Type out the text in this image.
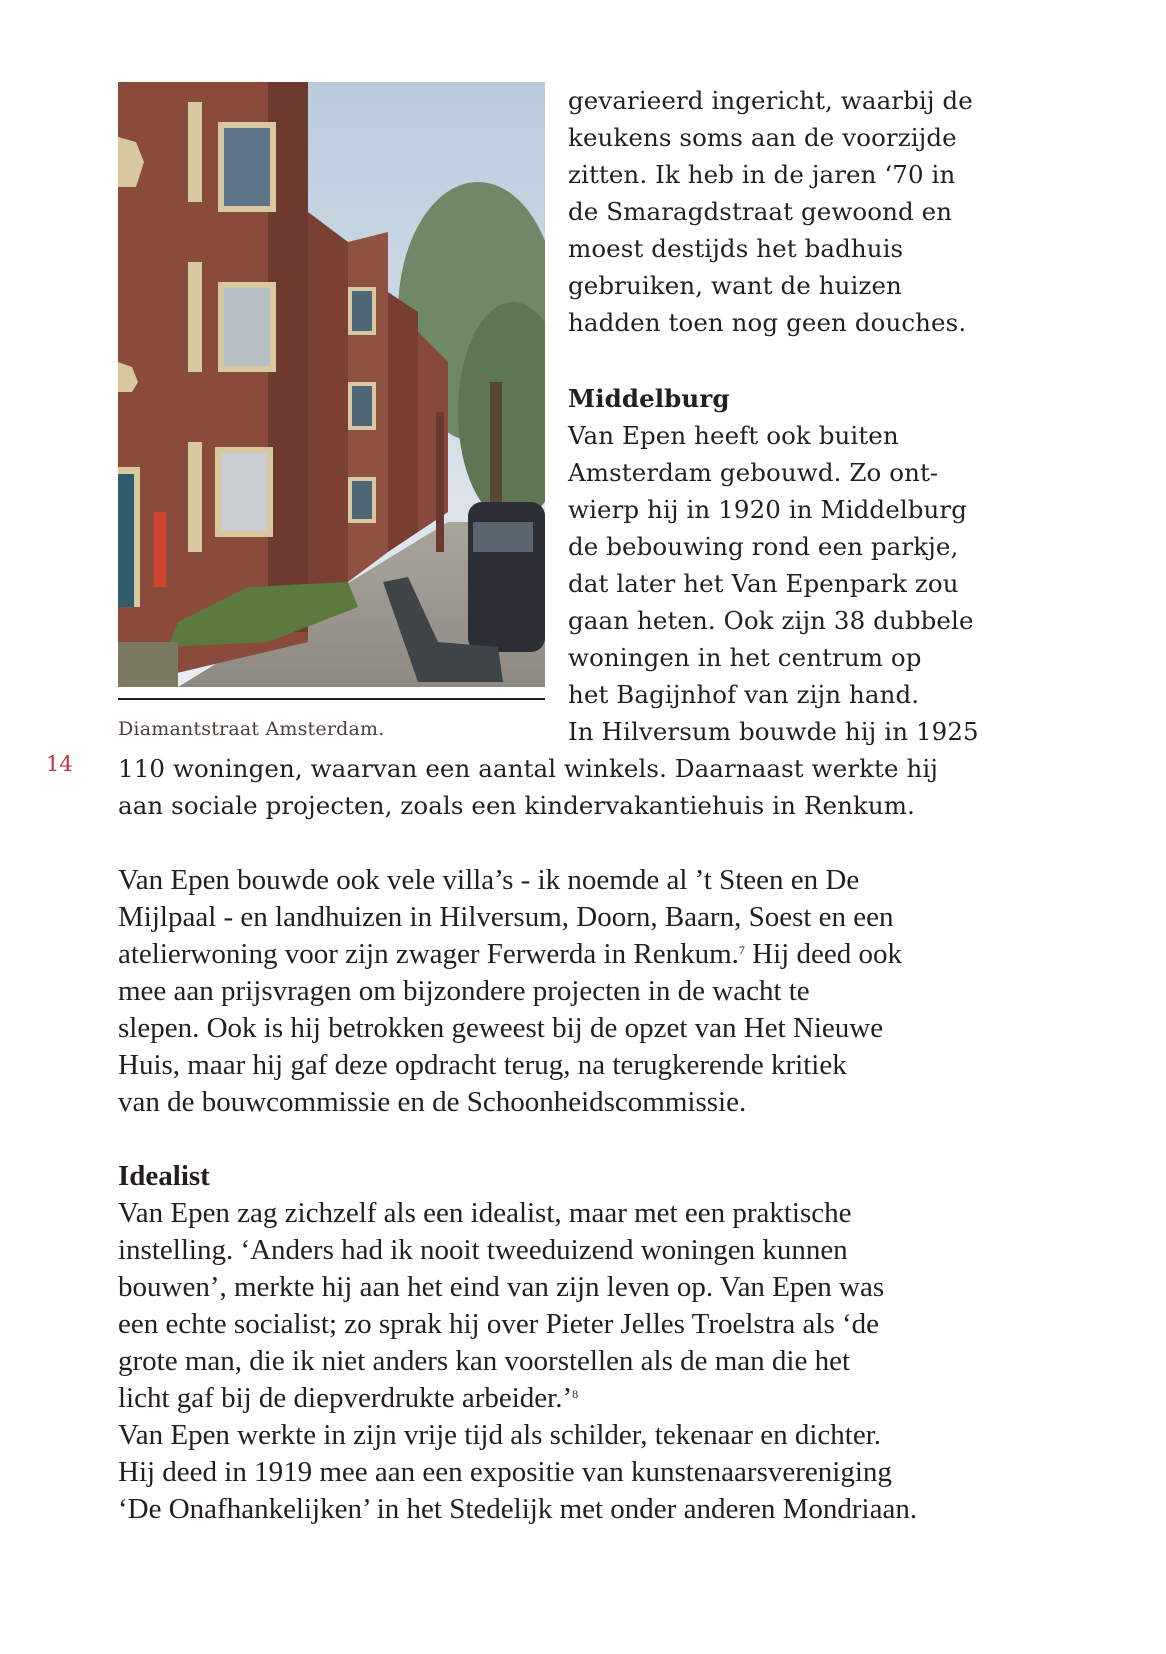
Diamantstraat Amsterdam.
14
gevarieerd ingericht, waarbij de
keukens soms aan de voorzijde
zitten. Ik heb in de jaren ‘70 in
de Smaragdstraat gewoond en
moest destijds het badhuis
gebruiken, want de huizen
hadden toen nog geen douches.
Middelburg
Van Epen heeft ook buiten
Amsterdam gebouwd. Zo ont-
wierp hij in 1920 in Middelburg
de bebouwing rond een parkje,
dat later het Van Epenpark zou
gaan heten. Ook zijn 38 dubbele
woningen in het centrum op
het Bagijnhof van zijn hand.
In Hilversum bouwde hij in 1925
110 woningen, waarvan een aantal winkels. Daarnaast werkte hij
aan sociale projecten, zoals een kindervakantiehuis in Renkum.
Van Epen bouwde ook vele villa’s - ik noemde al ’t Steen en De
Mijlpaal - en landhuizen in Hilversum, Doorn, Baarn, Soest en een
atelierwoning voor zijn zwager Ferwerda in Renkum.$^7$ Hij deed ook
mee aan prijsvragen om bijzondere projecten in de wacht te
slepen. Ook is hij betrokken geweest bij de opzet van Het Nieuwe
Huis, maar hij gaf deze opdracht terug, na terugkerende kritiek
van de bouwcommissie en de Schoonheidscommissie.
Idealist
Van Epen zag zichzelf als een idealist, maar met een praktische
instelling. ‘Anders had ik nooit tweeduizend woningen kunnen
bouwen’, merkte hij aan het eind van zijn leven op. Van Epen was
een echte socialist; zo sprak hij over Pieter Jelles Troelstra als ‘de
grote man, die ik niet anders kan voorstellen als de man die het
licht gaf bij de diepverdrukte arbeider.’$^8$
Van Epen werkte in zijn vrije tijd als schilder, tekenaar en dichter.
Hij deed in 1919 mee aan een expositie van kunstenaarsvereniging
‘De Onafhankelijken’ in het Stedelijk met onder anderen Mondriaan.
